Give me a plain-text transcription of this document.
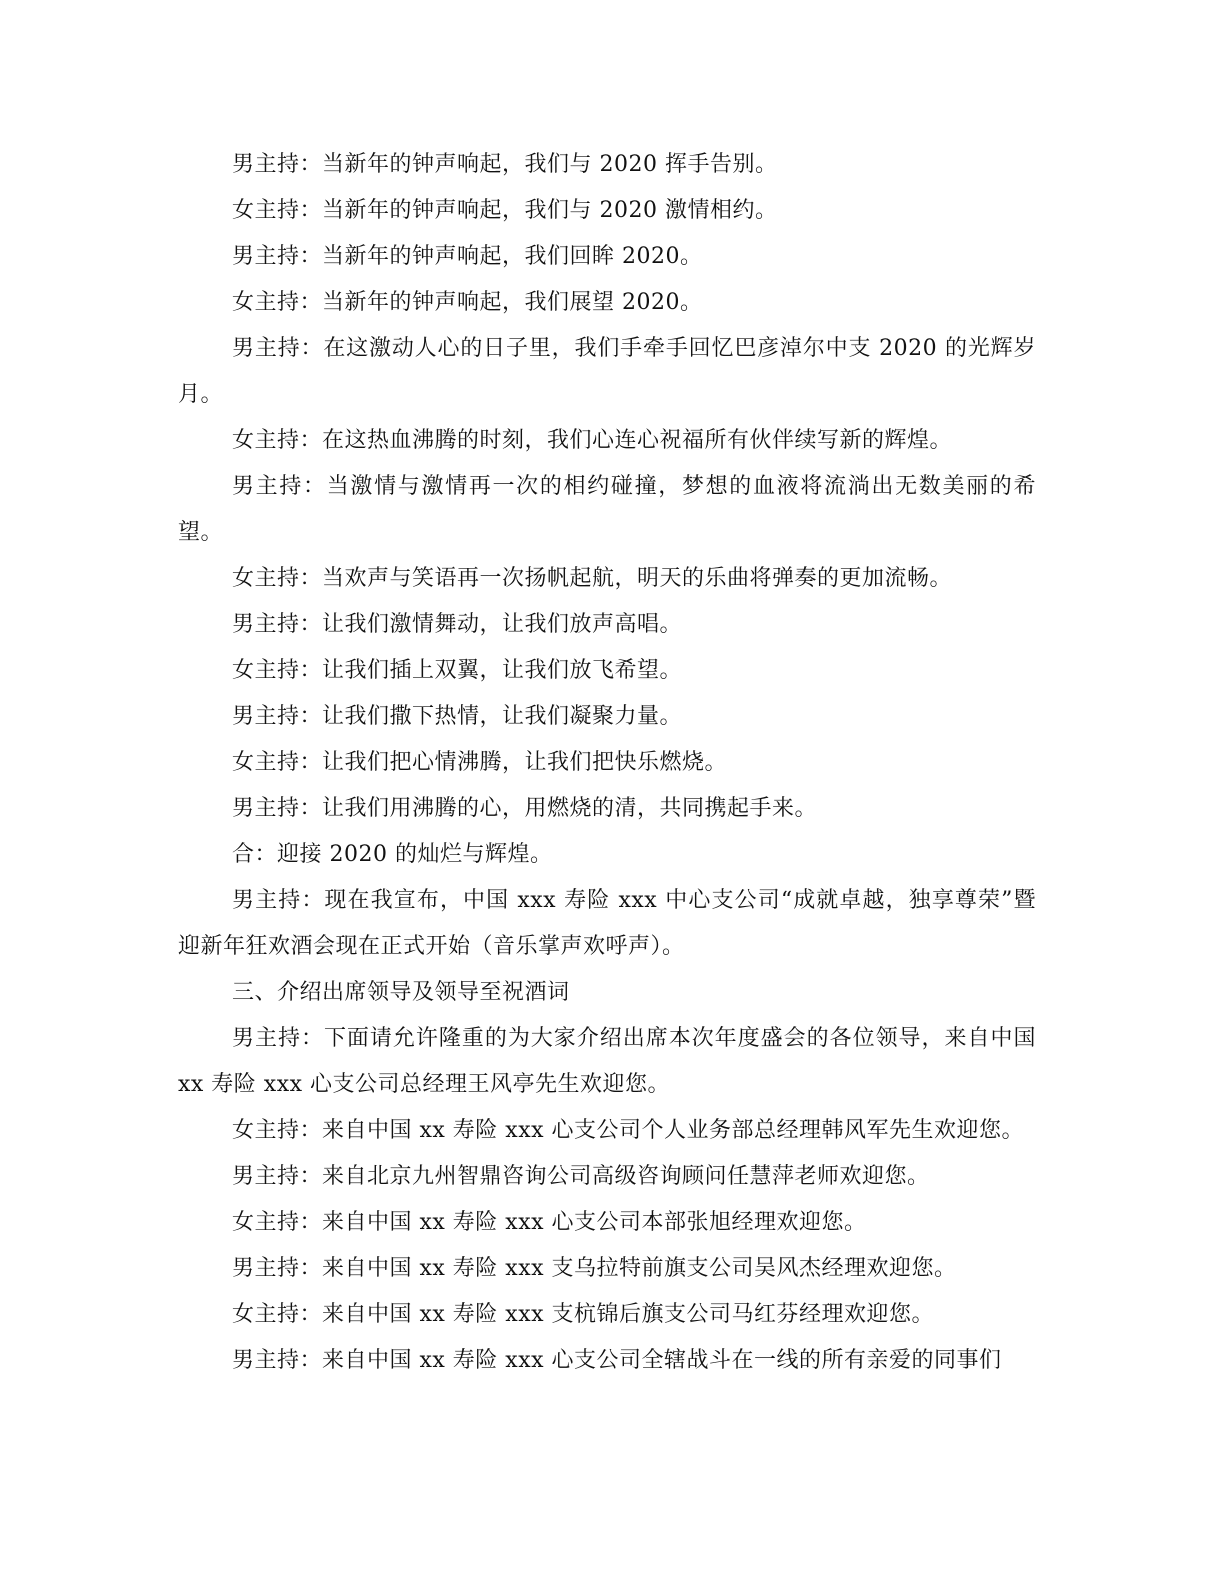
男主持：当新年的钟声响起，我们与 2020 挥手告别。

女主持：当新年的钟声响起，我们与 2020 激情相约。

男主持：当新年的钟声响起，我们回眸 2020。

女主持：当新年的钟声响起，我们展望 2020。

男主持：在这激动人心的日子里，我们手牵手回忆巴彦淖尔中支 2020 的光辉岁月。

女主持：在这热血沸腾的时刻，我们心连心祝福所有伙伴续写新的辉煌。

男主持：当激情与激情再一次的相约碰撞，梦想的血液将流淌出无数美丽的希望。

女主持：当欢声与笑语再一次扬帆起航，明天的乐曲将弹奏的更加流畅。

男主持：让我们激情舞动，让我们放声高唱。

女主持：让我们插上双翼，让我们放飞希望。

男主持：让我们撒下热情，让我们凝聚力量。

女主持：让我们把心情沸腾，让我们把快乐燃烧。

男主持：让我们用沸腾的心，用燃烧的清，共同携起手来。

合：迎接 2020 的灿烂与辉煌。

男主持：现在我宣布，中国 xxx 寿险 xxx 中心支公司“成就卓越，独享尊荣”暨迎新年狂欢酒会现在正式开始（音乐掌声欢呼声）。

三、介绍出席领导及领导至祝酒词

男主持：下面请允许隆重的为大家介绍出席本次年度盛会的各位领导，来自中国 xx 寿险 xxx 心支公司总经理王风亭先生欢迎您。

女主持：来自中国 xx 寿险 xxx 心支公司个人业务部总经理韩风军先生欢迎您。

男主持：来自北京九州智鼎咨询公司高级咨询顾问任慧萍老师欢迎您。

女主持：来自中国 xx 寿险 xxx 心支公司本部张旭经理欢迎您。

男主持：来自中国 xx 寿险 xxx 支乌拉特前旗支公司吴风杰经理欢迎您。

女主持：来自中国 xx 寿险 xxx 支杭锦后旗支公司马红芬经理欢迎您。

男主持：来自中国 xx 寿险 xxx 心支公司全辖战斗在一线的所有亲爱的同事们
